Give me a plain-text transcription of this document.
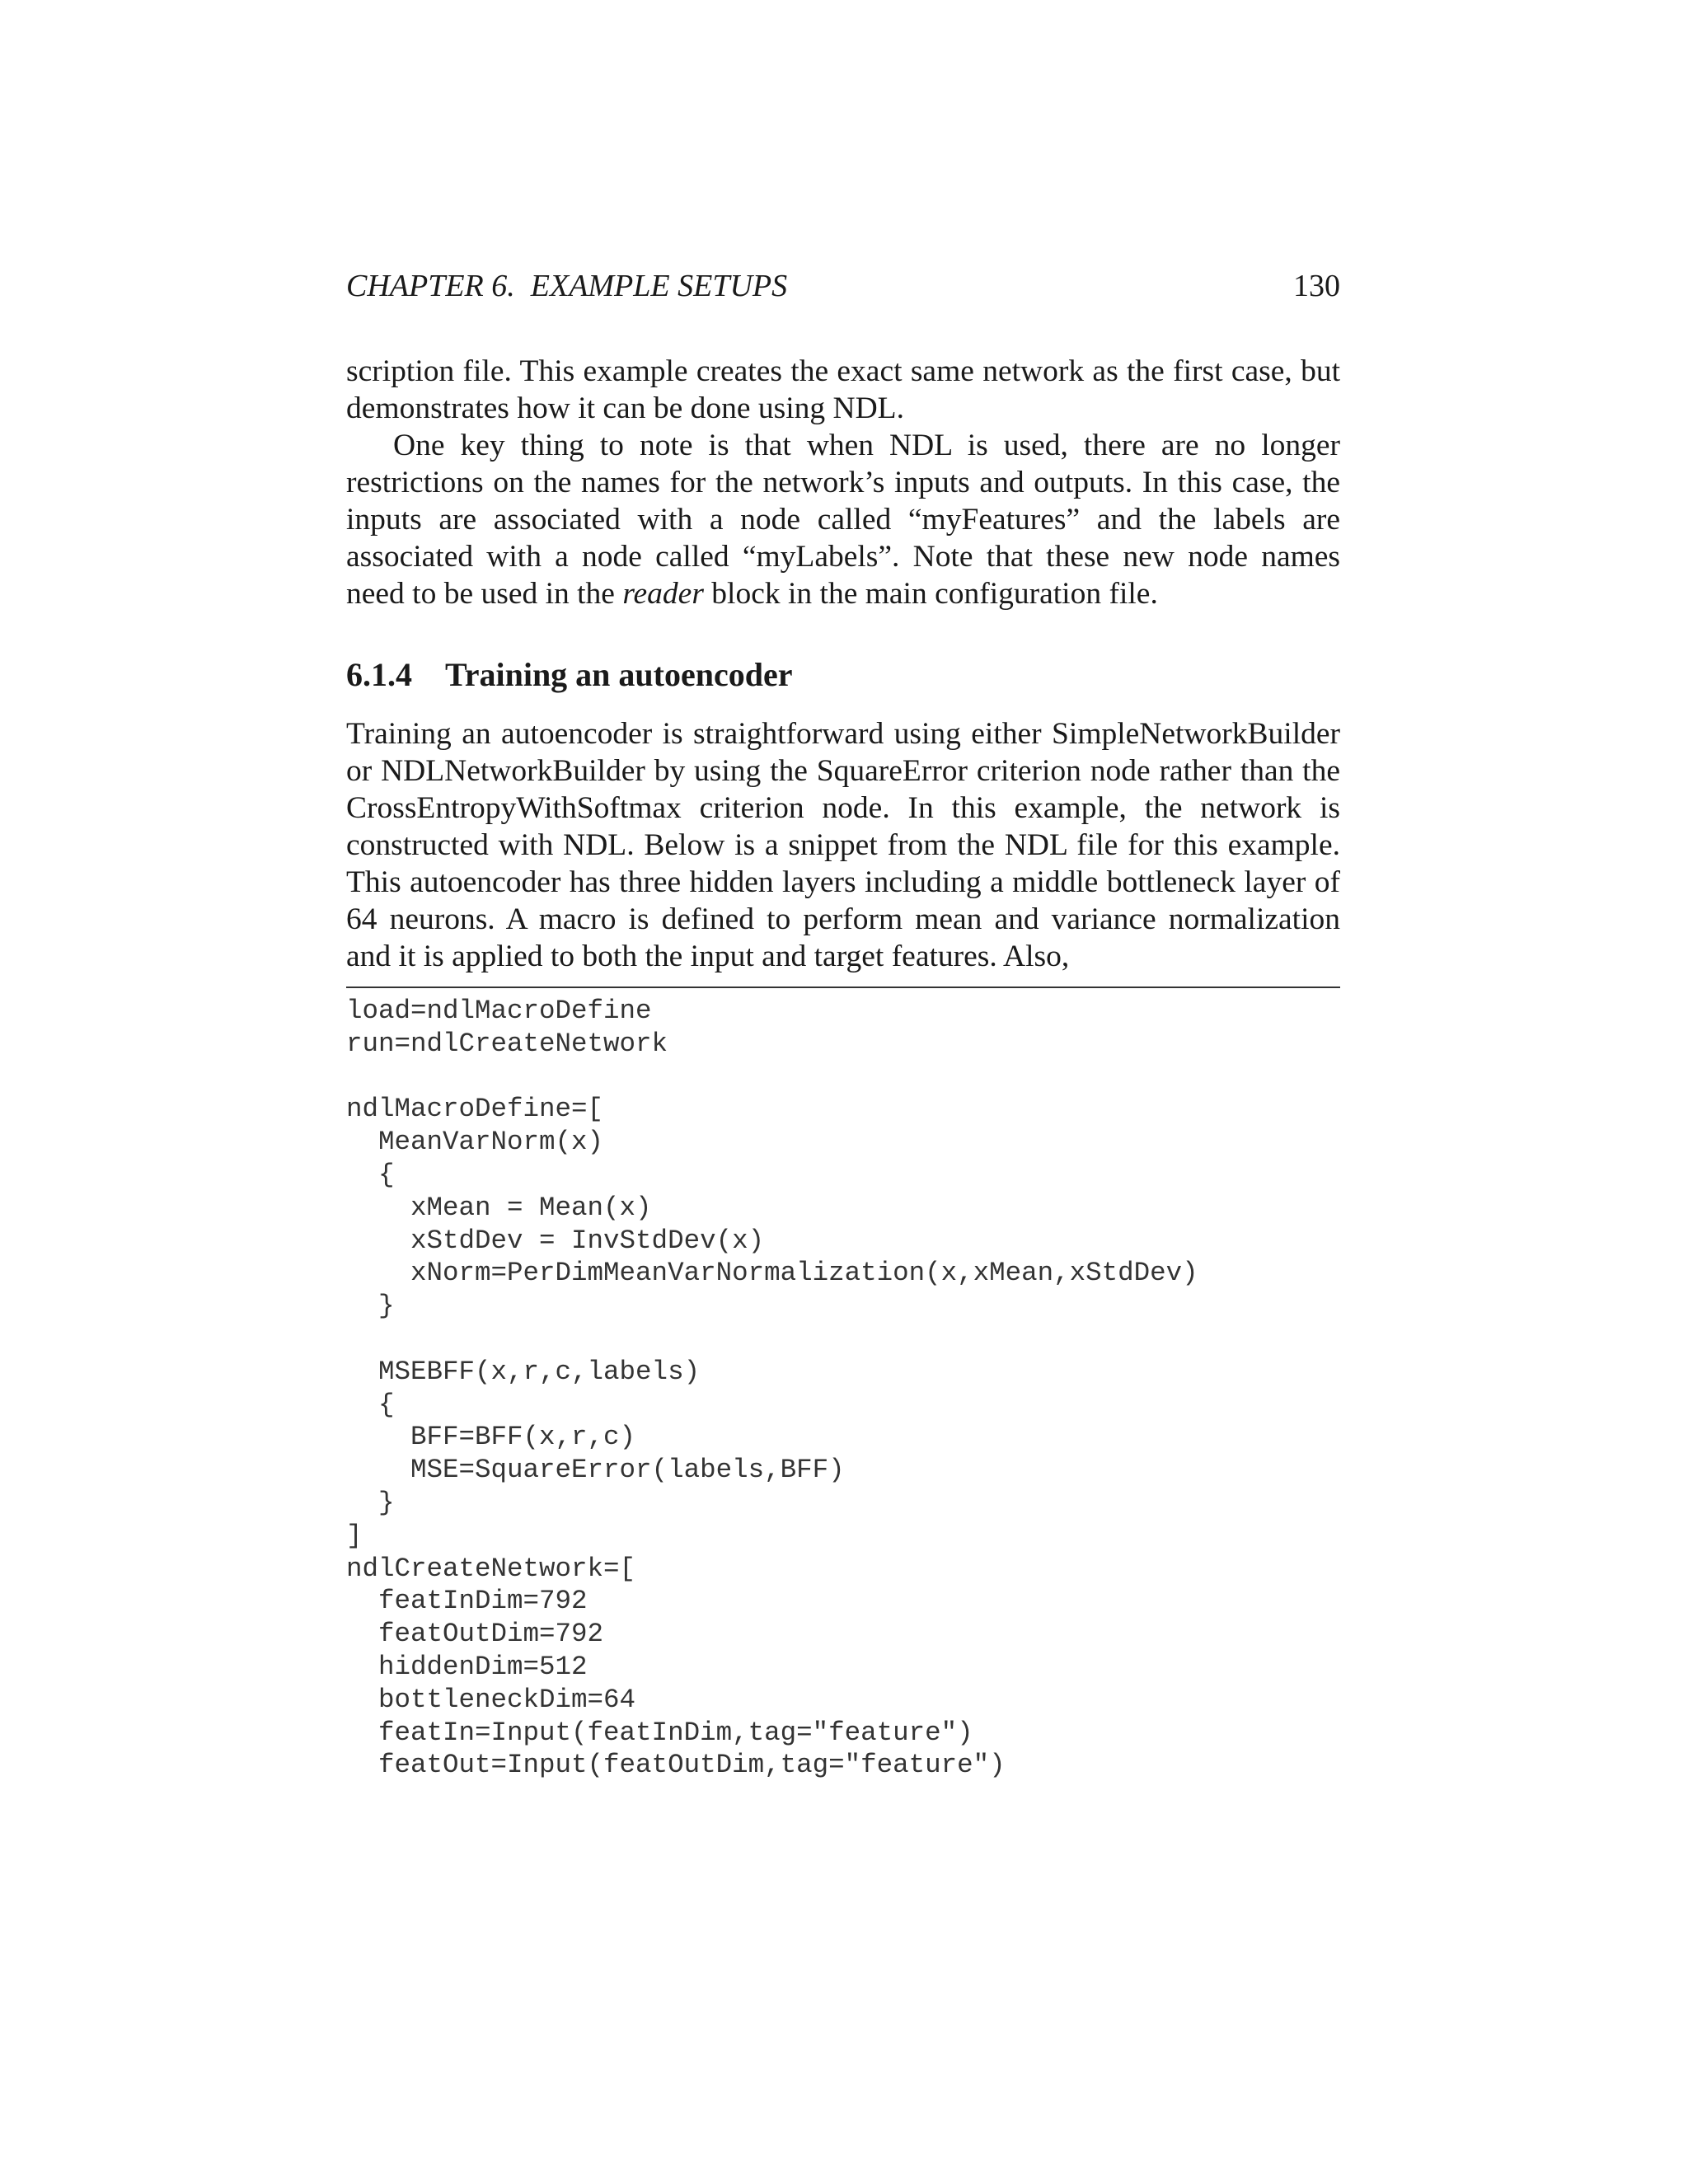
CHAPTER 6.  EXAMPLE SETUPS	130

scription file. This example creates the exact same network as the first case, but demonstrates how it can be done using NDL.

One key thing to note is that when NDL is used, there are no longer restrictions on the names for the network’s inputs and outputs. In this case, the inputs are associated with a node called “myFeatures” and the labels are associated with a node called “myLabels”. Note that these new node names need to be used in the reader block in the main configuration file.

6.1.4 Training an autoencoder

Training an autoencoder is straightforward using either SimpleNetworkBuilder or NDLNetworkBuilder by using the SquareError criterion node rather than the CrossEntropyWithSoftmax criterion node. In this example, the network is constructed with NDL. Below is a snippet from the NDL file for this example. This autoencoder has three hidden layers including a middle bottleneck layer of 64 neurons. A macro is defined to perform mean and variance normalization and it is applied to both the input and target features. Also,

load=ndlMacroDefine
run=ndlCreateNetwork
ndlMacroDefine=[
MeanVarNorm(x)
{
xMean = Mean(x)
xStdDev = InvStdDev(x)
xNorm=PerDimMeanVarNormalization(x,xMean,xStdDev)
}
MSEBFF(x,r,c,labels)
{
BFF=BFF(x,r,c)
MSE=SquareError(labels,BFF)
}
]
ndlCreateNetwork=[
featInDim=792
featOutDim=792
hiddenDim=512
bottleneckDim=64
featIn=Input(featInDim,tag="feature")
featOut=Input(featOutDim,tag="feature")
